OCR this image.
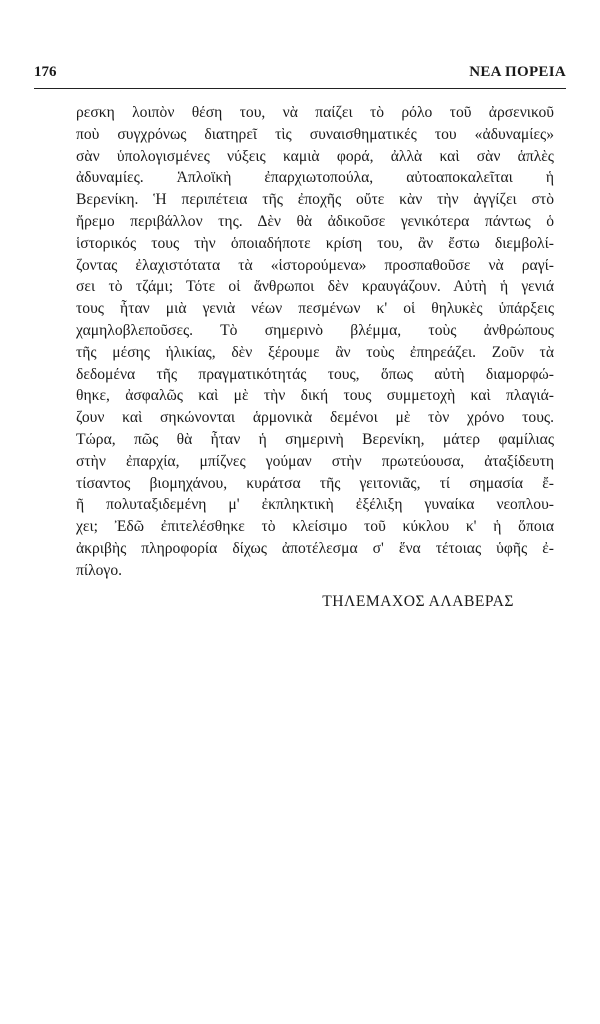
176	ΝΕΑ ΠΟΡΕΙΑ
ρεσκη λοιπὸν θέση του, νὰ παίζει τὸ ρόλο τοῦ ἀρσενικοῦ
ποὺ συγχρόνως διατηρεῖ τὶς συναισθηματικές του «ἀδυναμίες»
σὰν ὑπολογισμένες νύξεις καμιὰ φορά, ἀλλὰ καὶ σὰν ἁπλὲς
ἀδυναμίες. Ἁπλοϊκὴ ἐπαρχιωτοπούλα, αὐτοαποκαλεῖται ἡ
Βερενίκη. Ἡ περιπέτεια τῆς ἐποχῆς οὔτε κὰν τὴν ἀγγίζει στὸ
ἤρεμο περιβάλλον της. Δὲν θὰ ἀδικοῦσε γενικότερα πάντως ὁ
ἱστορικός τους τὴν ὁποιαδήποτε κρίση του, ἂν ἔστω διεμβολί-
ζοντας ἐλαχιστότατα τὰ «ἱστορούμενα» προσπαθοῦσε νὰ ραγί-
σει τὸ τζάμι; Τότε οἱ ἄνθρωποι δὲν κραυγάζουν. Αὐτὴ ἡ γενιά
τους ἦταν μιὰ γενιὰ νέων πεσμένων κ' οἱ θηλυκὲς ὑπάρξεις
χαμηλοβλεποῦσες. Τὸ σημερινὸ βλέμμα, τοὺς ἀνθρώπους
τῆς μέσης ἡλικίας, δὲν ξέρουμε ἂν τοὺς ἐπηρεάζει. Ζοῦν τὰ
δεδομένα τῆς πραγματικότητάς τους, ὅπως αὐτὴ διαμορφώ-
θηκε, ἀσφαλῶς καὶ μὲ τὴν δική τους συμμετοχὴ καὶ πλαγιά-
ζουν καὶ σηκώνονται ἁρμονικὰ δεμένοι μὲ τὸν χρόνο τους.
Τώρα, πῶς θὰ ἦταν ἡ σημερινὴ Βερενίκη, μάτερ φαμίλιας
στὴν ἐπαρχία, μπίζνες γούμαν στὴν πρωτεύουσα, ἀταξίδευτη
τίσαντος βιομηχάνου, κυράτσα τῆς γειτονιᾶς, τί σημασία ἔ-
ῆ πολυταξιδεμένη μ' ἐκπληκτικὴ ἐξέλιξη γυναίκα νεοπλου-
χει; Ἐδῶ ἐπιτελέσθηκε τὸ κλείσιμο τοῦ κύκλου κ' ἡ ὅποια
ἀκριβὴς πληροφορία δίχως ἀποτέλεσμα σ' ἕνα τέτοιας ὑφῆς ἐ-
πίλογο.
ΤΗΛΕΜΑΧΟΣ ΑΛΑΒΕΡΑΣ
